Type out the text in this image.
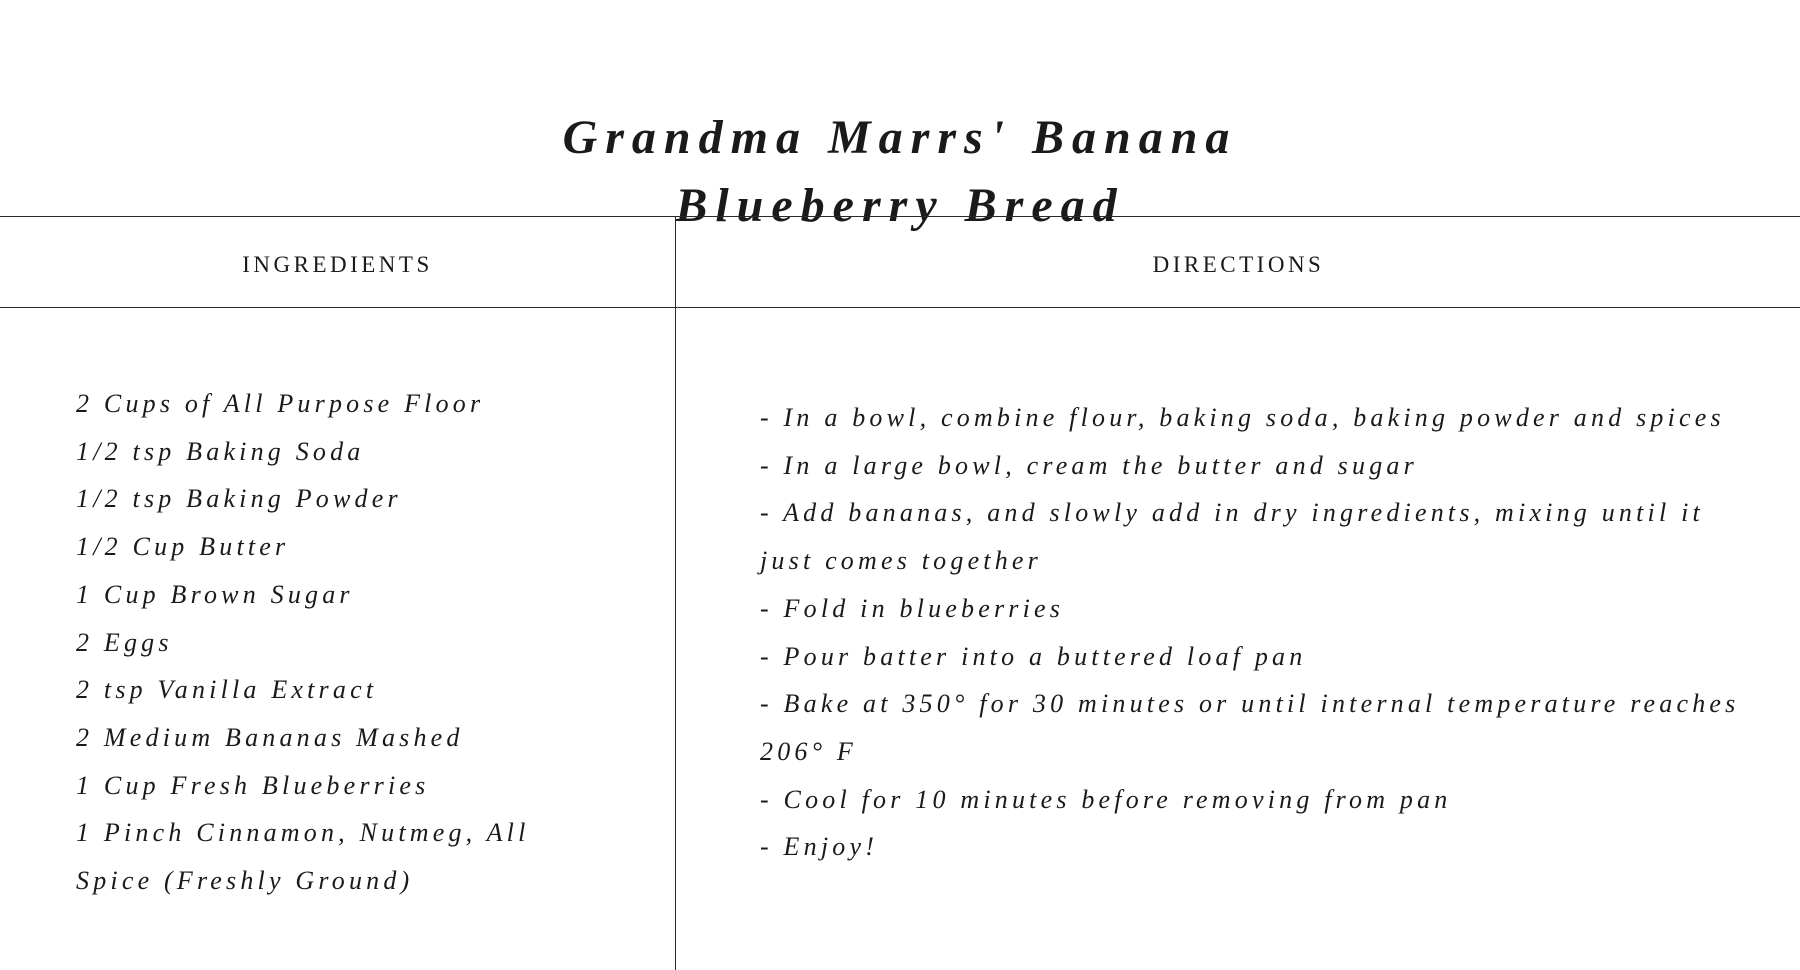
Grandma Marrs' Banana
Blueberry Bread
INGREDIENTS	DIRECTIONS
2 Cups of All Purpose Floor
1/2 tsp Baking Soda
1/2 tsp Baking Powder
1/2 Cup Butter
1 Cup Brown Sugar
2 Eggs
2 tsp Vanilla Extract
2 Medium Bananas Mashed
1 Cup Fresh Blueberries
1 Pinch Cinnamon, Nutmeg, All Spice (Freshly Ground)
- In a bowl, combine flour, baking soda, baking powder and spices
- In a large bowl, cream the butter and sugar
- Add bananas, and slowly add in dry ingredients, mixing until it just comes together
- Fold in blueberries
- Pour batter into a buttered loaf pan
- Bake at 350° for 30 minutes or until internal temperature reaches 206° F
- Cool for 10 minutes before removing from pan
- Enjoy!
